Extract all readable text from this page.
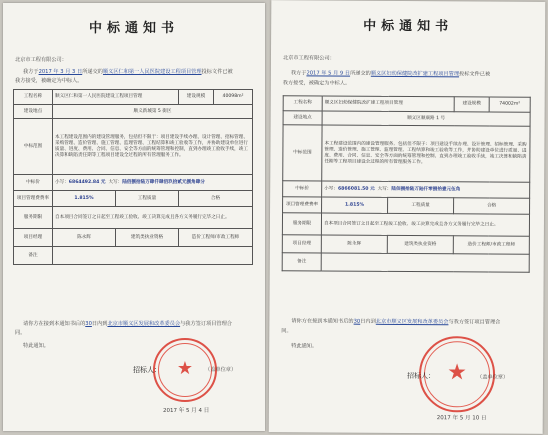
中标通知书
北京市工程有限公司：
我方于2017 年 3 月 3 日所递交的顺义区仁和第一人民医院建设工程项目管理投标文件已被
我方接受，被确定为中标人。
工程名称	顺义区仁和第一人民医院建设工程项目管理		建设规模	40098m²
建设地点	顺义新城第 5 街区			
中标范围	本工程建设范围内的建设管理服务，包括但不限于：项目建设手续办理、设计管理、招标管理、采购管理、造价管理、施工管理、监理管理、工程结算和竣工验收等工作，并协助建设单位进行质量、进度、费用、合同、信息、安全等方面的统筹管理和控制，直到办理竣工验收手续，竣工决算和缺陷责任期等工程项目建设全过程的所有管理服务工作。			
中标价	小写：6864492.84 元 大写：陆佰捌拾陆万肆仟肆佰玖拾贰元捌角肆分			
项目管理费费率	1.815%	工程质量	合格	
服务期限	自本项目合同签订之日起至工程竣工验收、竣工决算完成且各方义务履行完毕之日止。			
项目经理	陈永辉	建筑类执业资格	造价工程师/市政工程师	
备注				
请你方在接到本通知书后的30日内到北京市顺义区发展和改革委员会与我方签订项目管理合
同。
特此通知。
★
招标人：	（盖单位章）
2017 年 5 月 4 日
中标通知书
北京市工程有限公司：
我方于2017 年 5 月 9 日所递交的顺义区妇幼保健院改扩建工程项目管理投标文件已被
我方接受，被确定为中标人。
工程名称	顺义区妇幼保健院改扩建工程项目管理		建设规模	74002m²
建设地点	顺义区顺康路 1 号			
中标范围	本工程建设范围内的建设管理服务，包括但不限于：项目建设手续办理、设计管理、招标管理、采购管理、造价管理、施工管理、监理管理、工程结算和竣工验收等工作，并协助建设单位进行质量、进度、费用、合同、信息、安全等方面的统筹管理和控制，直到办理竣工验收手续，竣工决算和缺陷责任期等工程项目建设全过程的所有管理服务工作。			
中标价	小写：6866081.50 元 大写：陆佰捌拾陆万陆仟零捌拾壹元伍角			
项目管理费费率	1.815%	工程质量	合格	
服务期限	自本项目合同签订之日起至工程竣工验收、竣工决算完成且各方义务履行完毕之日止。			
项目经理	陈永辉	建筑类执业资格	造价工程师/市政工程师	
备注				
请你方在接到本通知书后的30日内到北京市顺义区发展和改革委员会与我方签订项目管理合
同。
特此通知。
★
招标人：	（盖单位章）
2017 年 5 月 10 日
